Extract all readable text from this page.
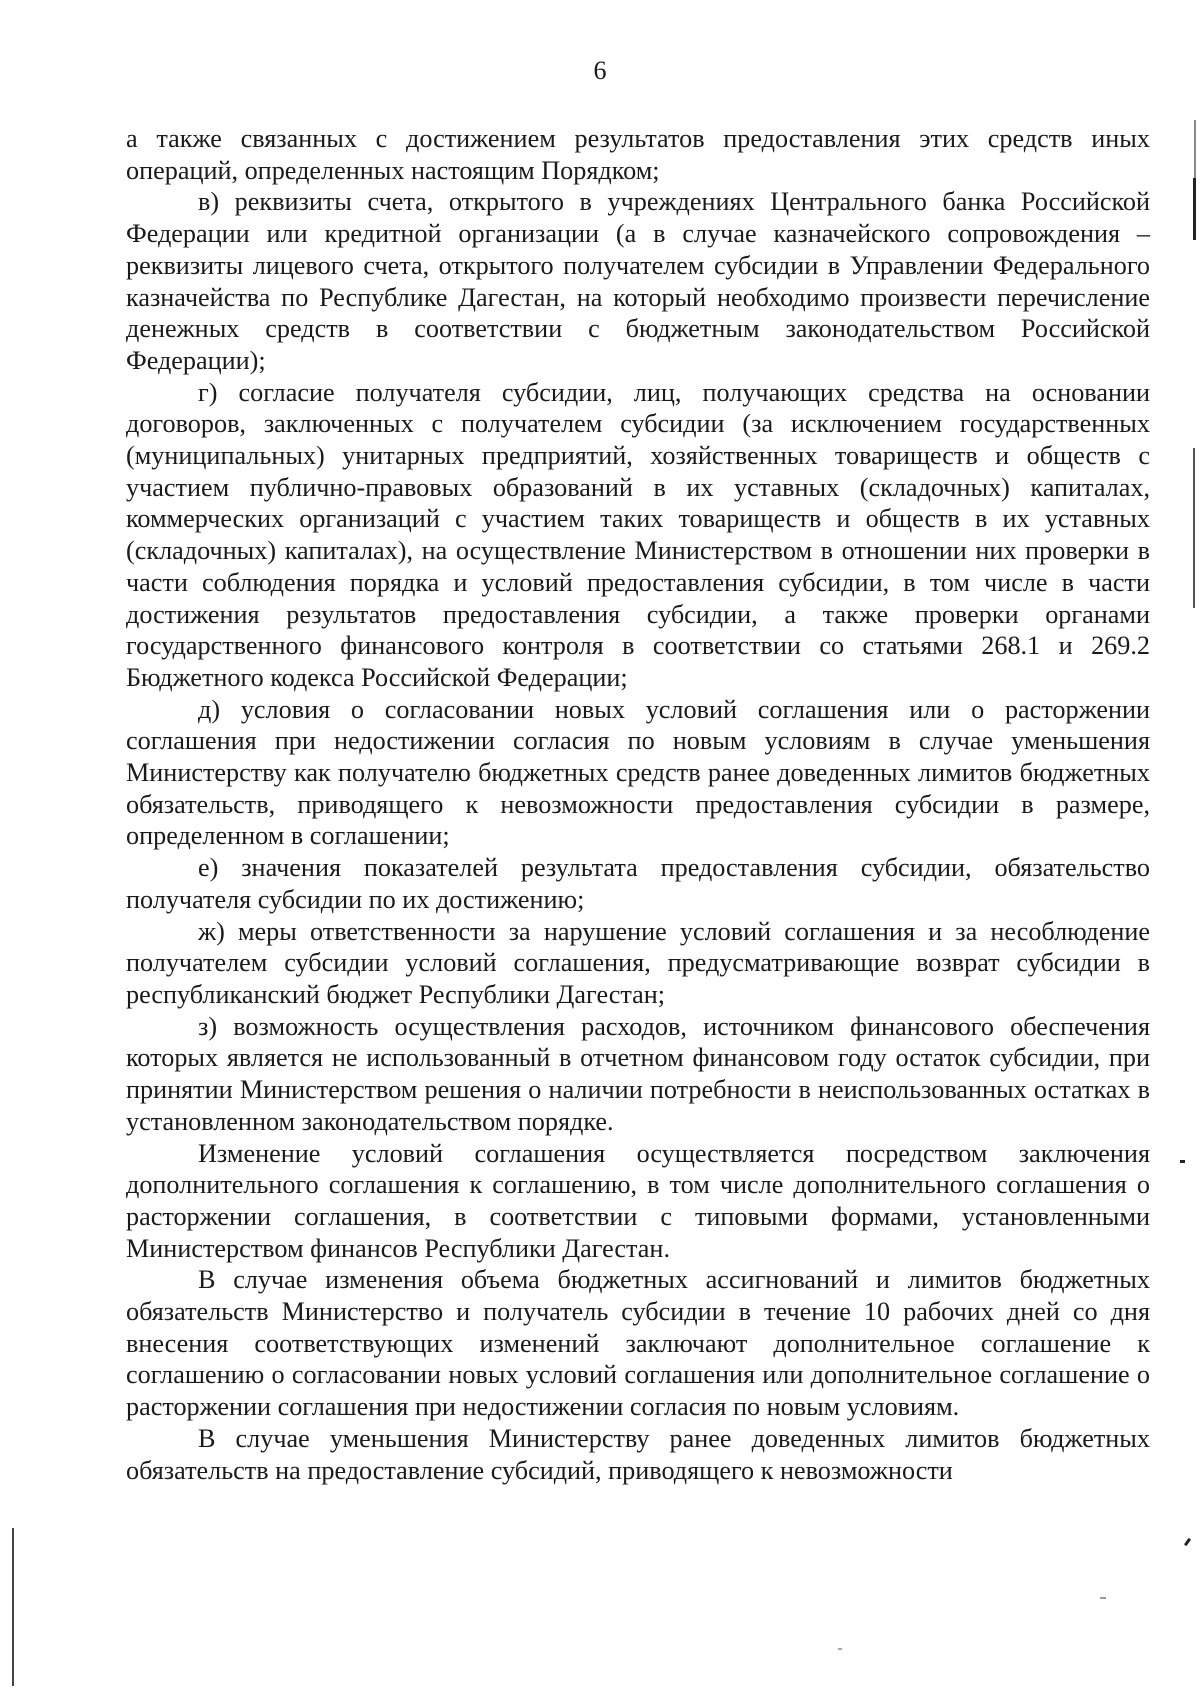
6

а также связанных с достижением результатов предоставления этих средств иных операций, определенных настоящим Порядком;

в) реквизиты счета, открытого в учреждениях Центрального банка Российской Федерации или кредитной организации (а в случае казначейского сопровождения – реквизиты лицевого счета, открытого получателем субсидии в Управлении Федерального казначейства по Республике Дагестан, на который необходимо произвести перечисление денежных средств в соответствии с бюджетным законодательством Российской Федерации);

г) согласие получателя субсидии, лиц, получающих средства на основании договоров, заключенных с получателем субсидии (за исключением государственных (муниципальных) унитарных предприятий, хозяйственных товариществ и обществ с участием публично-правовых образований в их уставных (складочных) капиталах, коммерческих организаций с участием таких товариществ и обществ в их уставных (складочных) капиталах), на осуществление Министерством в отношении них проверки в части соблюдения порядка и условий предоставления субсидии, в том числе в части достижения результатов предоставления субсидии, а также проверки органами государственного финансового контроля в соответствии со статьями 268.1 и 269.2 Бюджетного кодекса Российской Федерации;

д) условия о согласовании новых условий соглашения или о расторжении соглашения при недостижении согласия по новым условиям в случае уменьшения Министерству как получателю бюджетных средств ранее доведенных лимитов бюджетных обязательств, приводящего к невозможности предоставления субсидии в размере, определенном в соглашении;

е) значения показателей результата предоставления субсидии, обязательство получателя субсидии по их достижению;

ж) меры ответственности за нарушение условий соглашения и за несоблюдение получателем субсидии условий соглашения, предусматривающие возврат субсидии в республиканский бюджет Республики Дагестан;

з) возможность осуществления расходов, источником финансового обеспечения которых является не использованный в отчетном финансовом году остаток субсидии, при принятии Министерством решения о наличии потребности в неиспользованных остатках в установленном законодательством порядке.

Изменение условий соглашения осуществляется посредством заключения дополнительного соглашения к соглашению, в том числе дополнительного соглашения о расторжении соглашения, в соответствии с типовыми формами, установленными Министерством финансов Республики Дагестан.

В случае изменения объема бюджетных ассигнований и лимитов бюджетных обязательств Министерство и получатель субсидии в течение 10 рабочих дней со дня внесения соответствующих изменений заключают дополнительное соглашение к соглашению о согласовании новых условий соглашения или дополнительное соглашение о расторжении соглашения при недостижении согласия по новым условиям.

В случае уменьшения Министерству ранее доведенных лимитов бюджетных обязательств на предоставление субсидий, приводящего к невозможности
